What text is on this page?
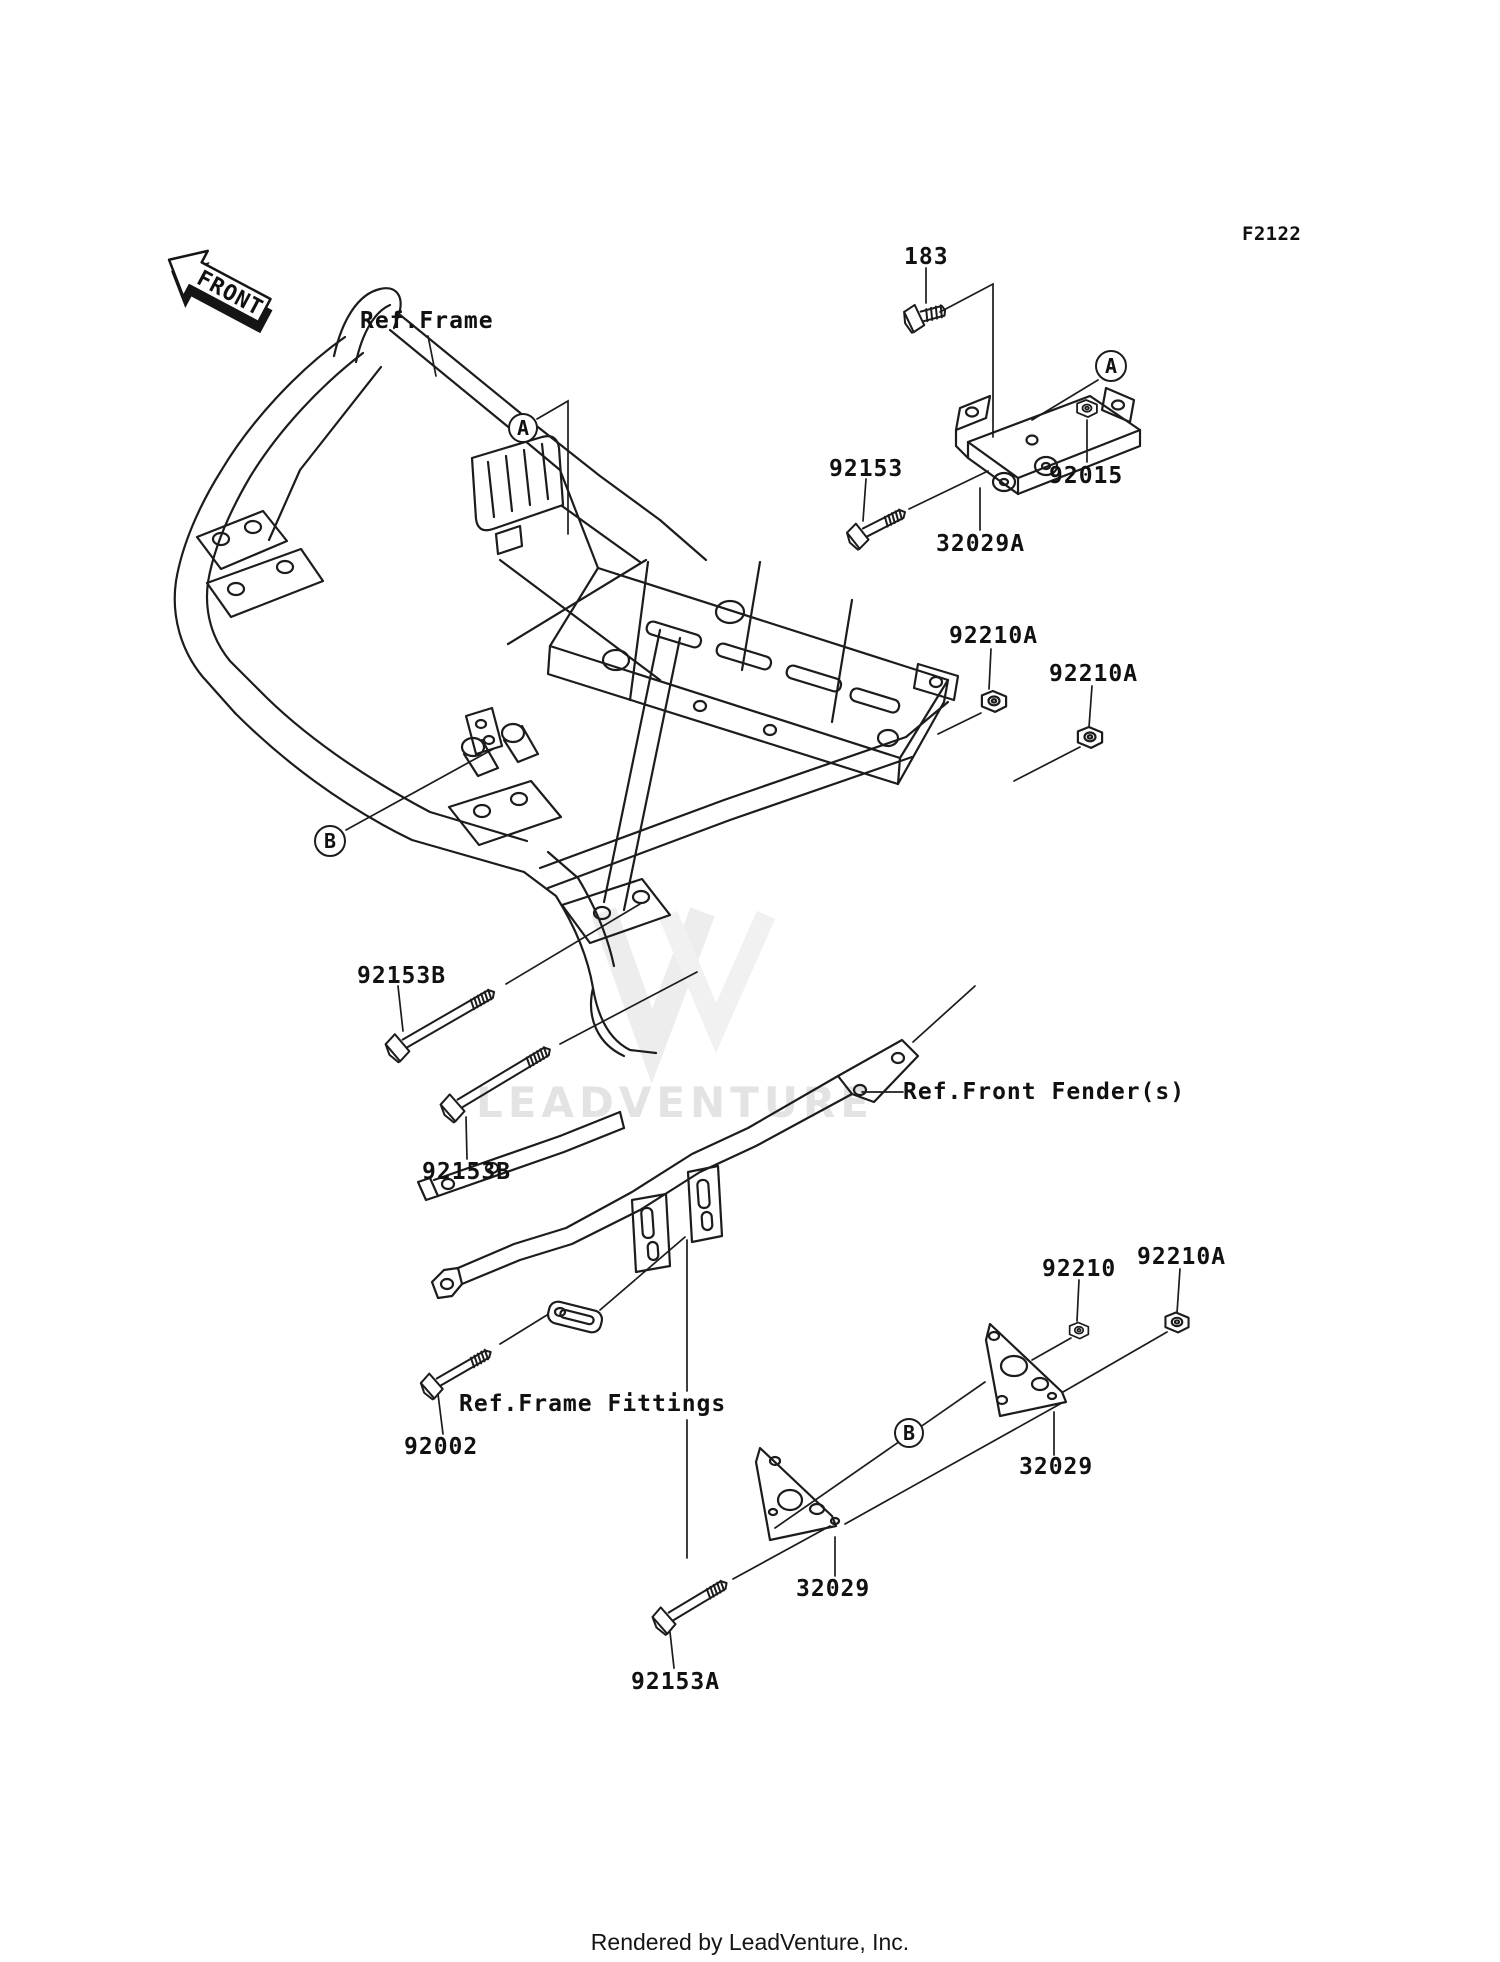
LEADVENTURE
FRONT
F2122
Ref.Frame
Ref.Front Fender(s)
Ref.Frame Fittings
183
92153
32029A
92015
92210A
92210A
92153B
92153B
92210 92210A
92002
32029
32029
92153A
A
A
B
B
Rendered by LeadVenture, Inc.
